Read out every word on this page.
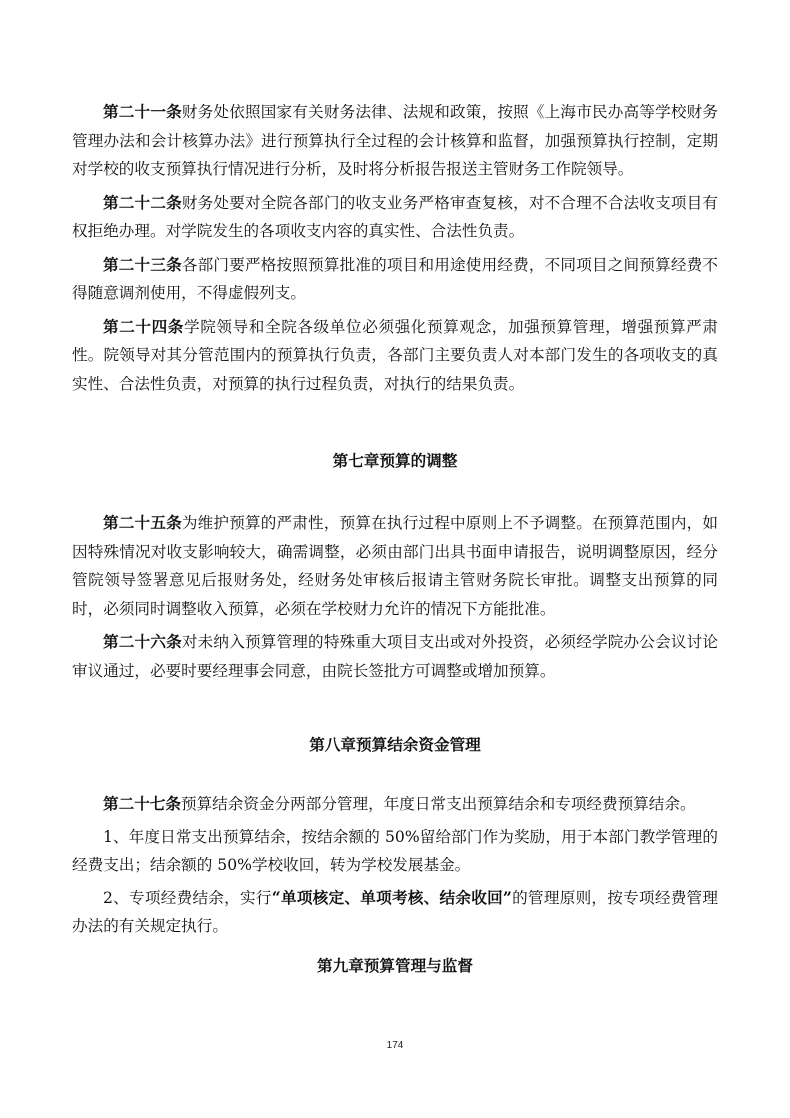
第二十一条财务处依照国家有关财务法律、法规和政策，按照《上海市民办高等学校财务管理办法和会计核算办法》进行预算执行全过程的会计核算和监督，加强预算执行控制，定期对学校的收支预算执行情况进行分析，及时将分析报告报送主管财务工作院领导。

第二十二条财务处要对全院各部门的收支业务严格审查复核，对不合理不合法收支项目有权拒绝办理。对学院发生的各项收支内容的真实性、合法性负责。

第二十三条各部门要严格按照预算批准的项目和用途使用经费，不同项目之间预算经费不得随意调剂使用，不得虚假列支。

第二十四条学院领导和全院各级单位必须强化预算观念，加强预算管理，增强预算严肃性。院领导对其分管范围内的预算执行负责，各部门主要负责人对本部门发生的各项收支的真实性、合法性负责，对预算的执行过程负责，对执行的结果负责。

第七章预算的调整

第二十五条为维护预算的严肃性，预算在执行过程中原则上不予调整。在预算范围内，如因特殊情况对收支影响较大，确需调整，必须由部门出具书面申请报告，说明调整原因，经分管院领导签署意见后报财务处，经财务处审核后报请主管财务院长审批。调整支出预算的同时，必须同时调整收入预算，必须在学校财力允许的情况下方能批准。

第二十六条对未纳入预算管理的特殊重大项目支出或对外投资，必须经学院办公会议讨论审议通过，必要时要经理事会同意，由院长签批方可调整或增加预算。

第八章预算结余资金管理

第二十七条预算结余资金分两部分管理，年度日常支出预算结余和专项经费预算结余。

1、年度日常支出预算结余，按结余额的 50%留给部门作为奖励，用于本部门教学管理的经费支出；结余额的 50%学校收回，转为学校发展基金。

2、专项经费结余，实行“单项核定、单项考核、结余收回”的管理原则，按专项经费管理办法的有关规定执行。

第九章预算管理与监督
174
